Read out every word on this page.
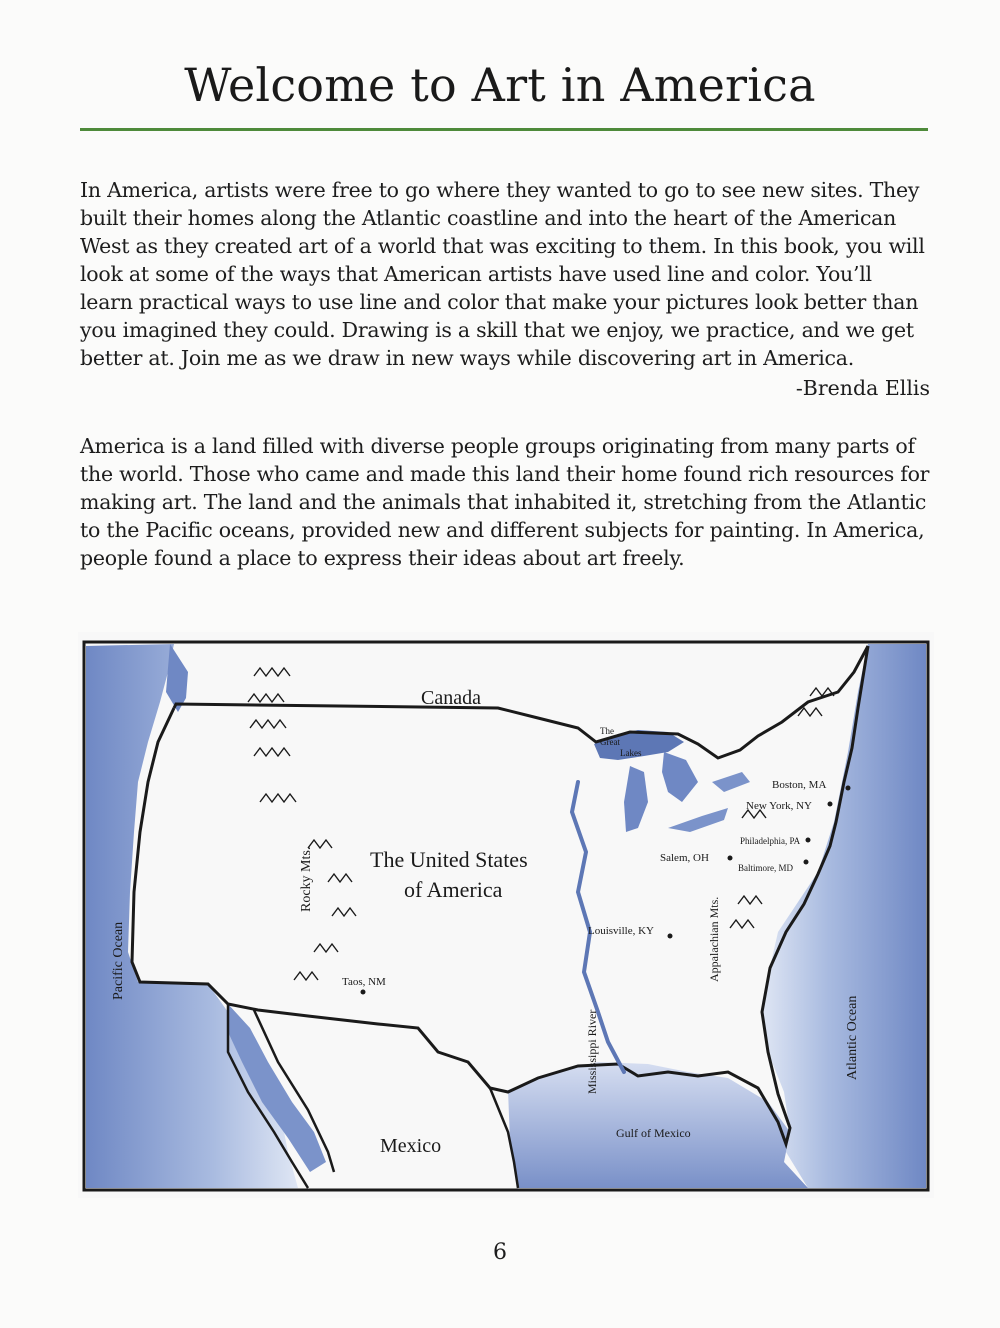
Welcome to Art in America

In America, artists were free to go where they wanted to go to see new sites. They built their homes along the Atlantic coastline and into the heart of the American West as they created art of a world that was exciting to them. In this book, you will look at some of the ways that American artists have used line and color. You’ll learn practical ways to use line and color that make your pictures look better than you imagined they could. Drawing is a skill that we enjoy, we practice, and we get better at. Join me as we draw in new ways while discovering art in America.

-Brenda Ellis

America is a land filled with diverse people groups originating from many parts of the world. Those who came and made this land their home found rich resources for making art. The land and the animals that inhabited it, stretching from the Atlantic to the Pacific oceans, provided new and different subjects for painting. In America, people found a place to express their ideas about art freely.

Canada
The United States
of America
Mexico
Gulf of Mexico
Pacific Ocean
Atlantic Ocean
Rocky Mts.
Appalachian Mts.
Mississippi River
The
Great
Lakes
Boston, MA
New York, NY
Philadelphia, PA
Baltimore, MD
Salem, OH
Louisville, KY
Taos, NM
6
